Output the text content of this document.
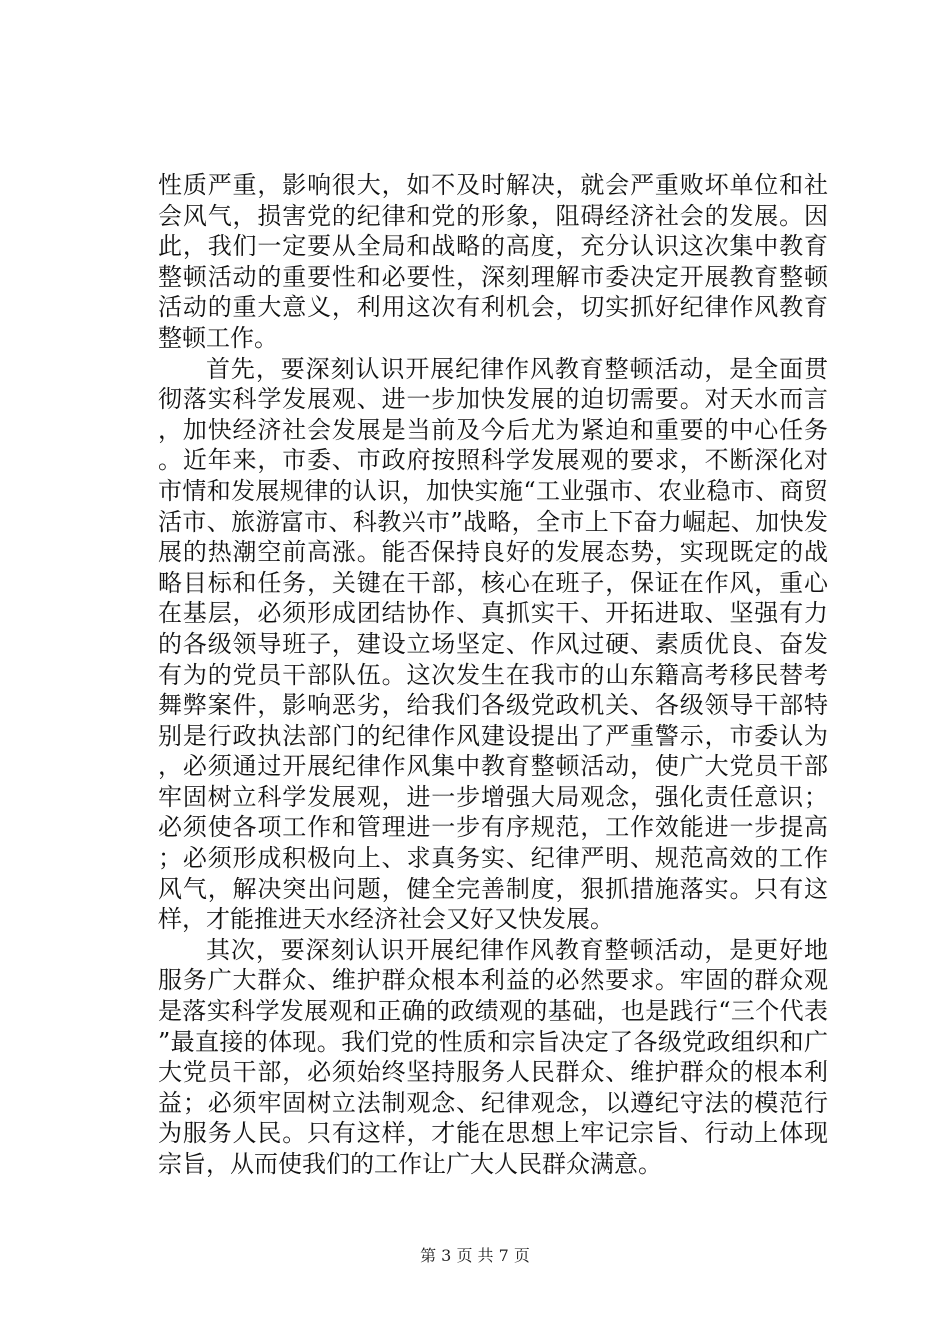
性质严重，影响很大，如不及时解决，就会严重败坏单位和社会风气，损害党的纪律和党的形象，阻碍经济社会的发展。因此，我们一定要从全局和战略的高度，充分认识这次集中教育整顿活动的重要性和必要性，深刻理解市委决定开展教育整顿活动的重大意义，利用这次有利机会，切实抓好纪律作风教育整顿工作。

首先，要深刻认识开展纪律作风教育整顿活动，是全面贯彻落实科学发展观、进一步加快发展的迫切需要。对天水而言，加快经济社会发展是当前及今后尤为紧迫和重要的中心任务。近年来，市委、市政府按照科学发展观的要求，不断深化对市情和发展规律的认识，加快实施“工业强市、农业稳市、商贸活市、旅游富市、科教兴市”战略，全市上下奋力崛起、加快发展的热潮空前高涨。能否保持良好的发展态势，实现既定的战略目标和任务，关键在干部，核心在班子，保证在作风，重心在基层，必须形成团结协作、真抓实干、开拓进取、坚强有力的各级领导班子，建设立场坚定、作风过硬、素质优良、奋发有为的党员干部队伍。这次发生在我市的山东籍高考移民替考舞弊案件，影响恶劣，给我们各级党政机关、各级领导干部特别是行政执法部门的纪律作风建设提出了严重警示，市委认为，必须通过开展纪律作风集中教育整顿活动，使广大党员干部牢固树立科学发展观，进一步增强大局观念，强化责任意识；必须使各项工作和管理进一步有序规范，工作效能进一步提高；必须形成积极向上、求真务实、纪律严明、规范高效的工作风气，解决突出问题，健全完善制度，狠抓措施落实。只有这样，才能推进天水经济社会又好又快发展。

其次，要深刻认识开展纪律作风教育整顿活动，是更好地服务广大群众、维护群众根本利益的必然要求。牢固的群众观是落实科学发展观和正确的政绩观的基础，也是践行“三个代表”最直接的体现。我们党的性质和宗旨决定了各级党政组织和广大党员干部，必须始终坚持服务人民群众、维护群众的根本利益；必须牢固树立法制观念、纪律观念，以遵纪守法的模范行为服务人民。只有这样，才能在思想上牢记宗旨、行动上体现宗旨，从而使我们的工作让广大人民群众满意。

第 3 页 共 7 页
